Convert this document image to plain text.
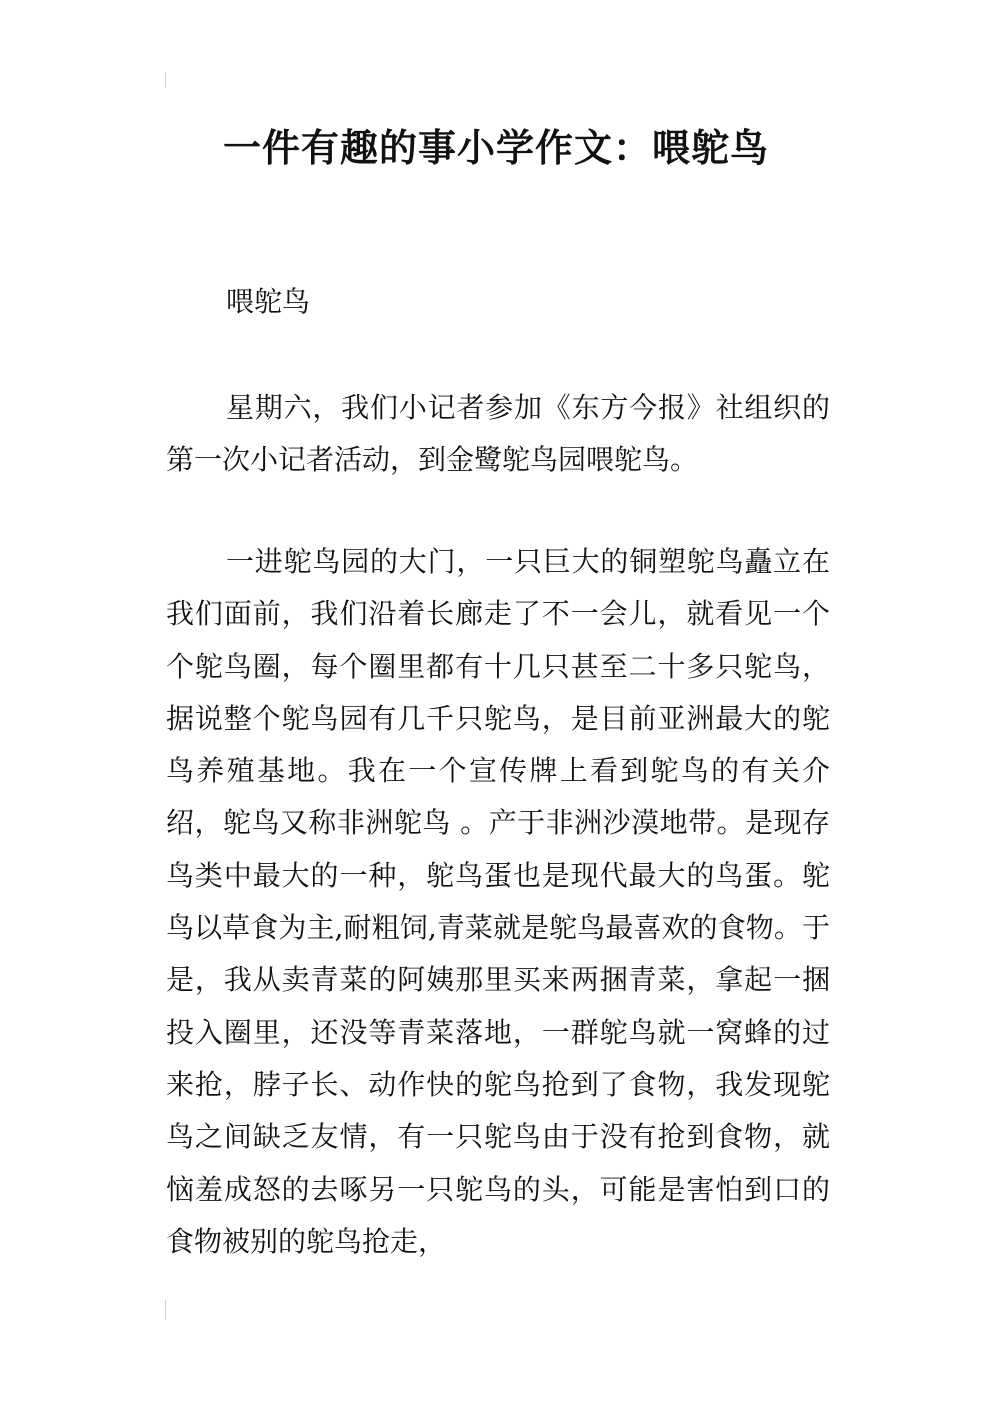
一件有趣的事小学作文：喂鸵鸟

喂鸵鸟

星期六，我们小记者参加《东方今报》社组织的第一次小记者活动，到金鹭鸵鸟园喂鸵鸟。

一进鸵鸟园的大门，一只巨大的铜塑鸵鸟矗立在我们面前，我们沿着长廊走了不一会儿，就看见一个个鸵鸟圈，每个圈里都有十几只甚至二十多只鸵鸟，据说整个鸵鸟园有几千只鸵鸟，是目前亚洲最大的鸵鸟养殖基地。我在一个宣传牌上看到鸵鸟的有关介绍，鸵鸟又称非洲鸵鸟 。产于非洲沙漠地带。是现存鸟类中最大的一种，鸵鸟蛋也是现代最大的鸟蛋。鸵鸟以草食为主,耐粗饲,青菜就是鸵鸟最喜欢的食物。于是，我从卖青菜的阿姨那里买来两捆青菜，拿起一捆投入圈里，还没等青菜落地，一群鸵鸟就一窝蜂的过来抢，脖子长、动作快的鸵鸟抢到了食物，我发现鸵鸟之间缺乏友情，有一只鸵鸟由于没有抢到食物，就恼羞成怒的去啄另一只鸵鸟的头，可能是害怕到口的食物被别的鸵鸟抢走，
